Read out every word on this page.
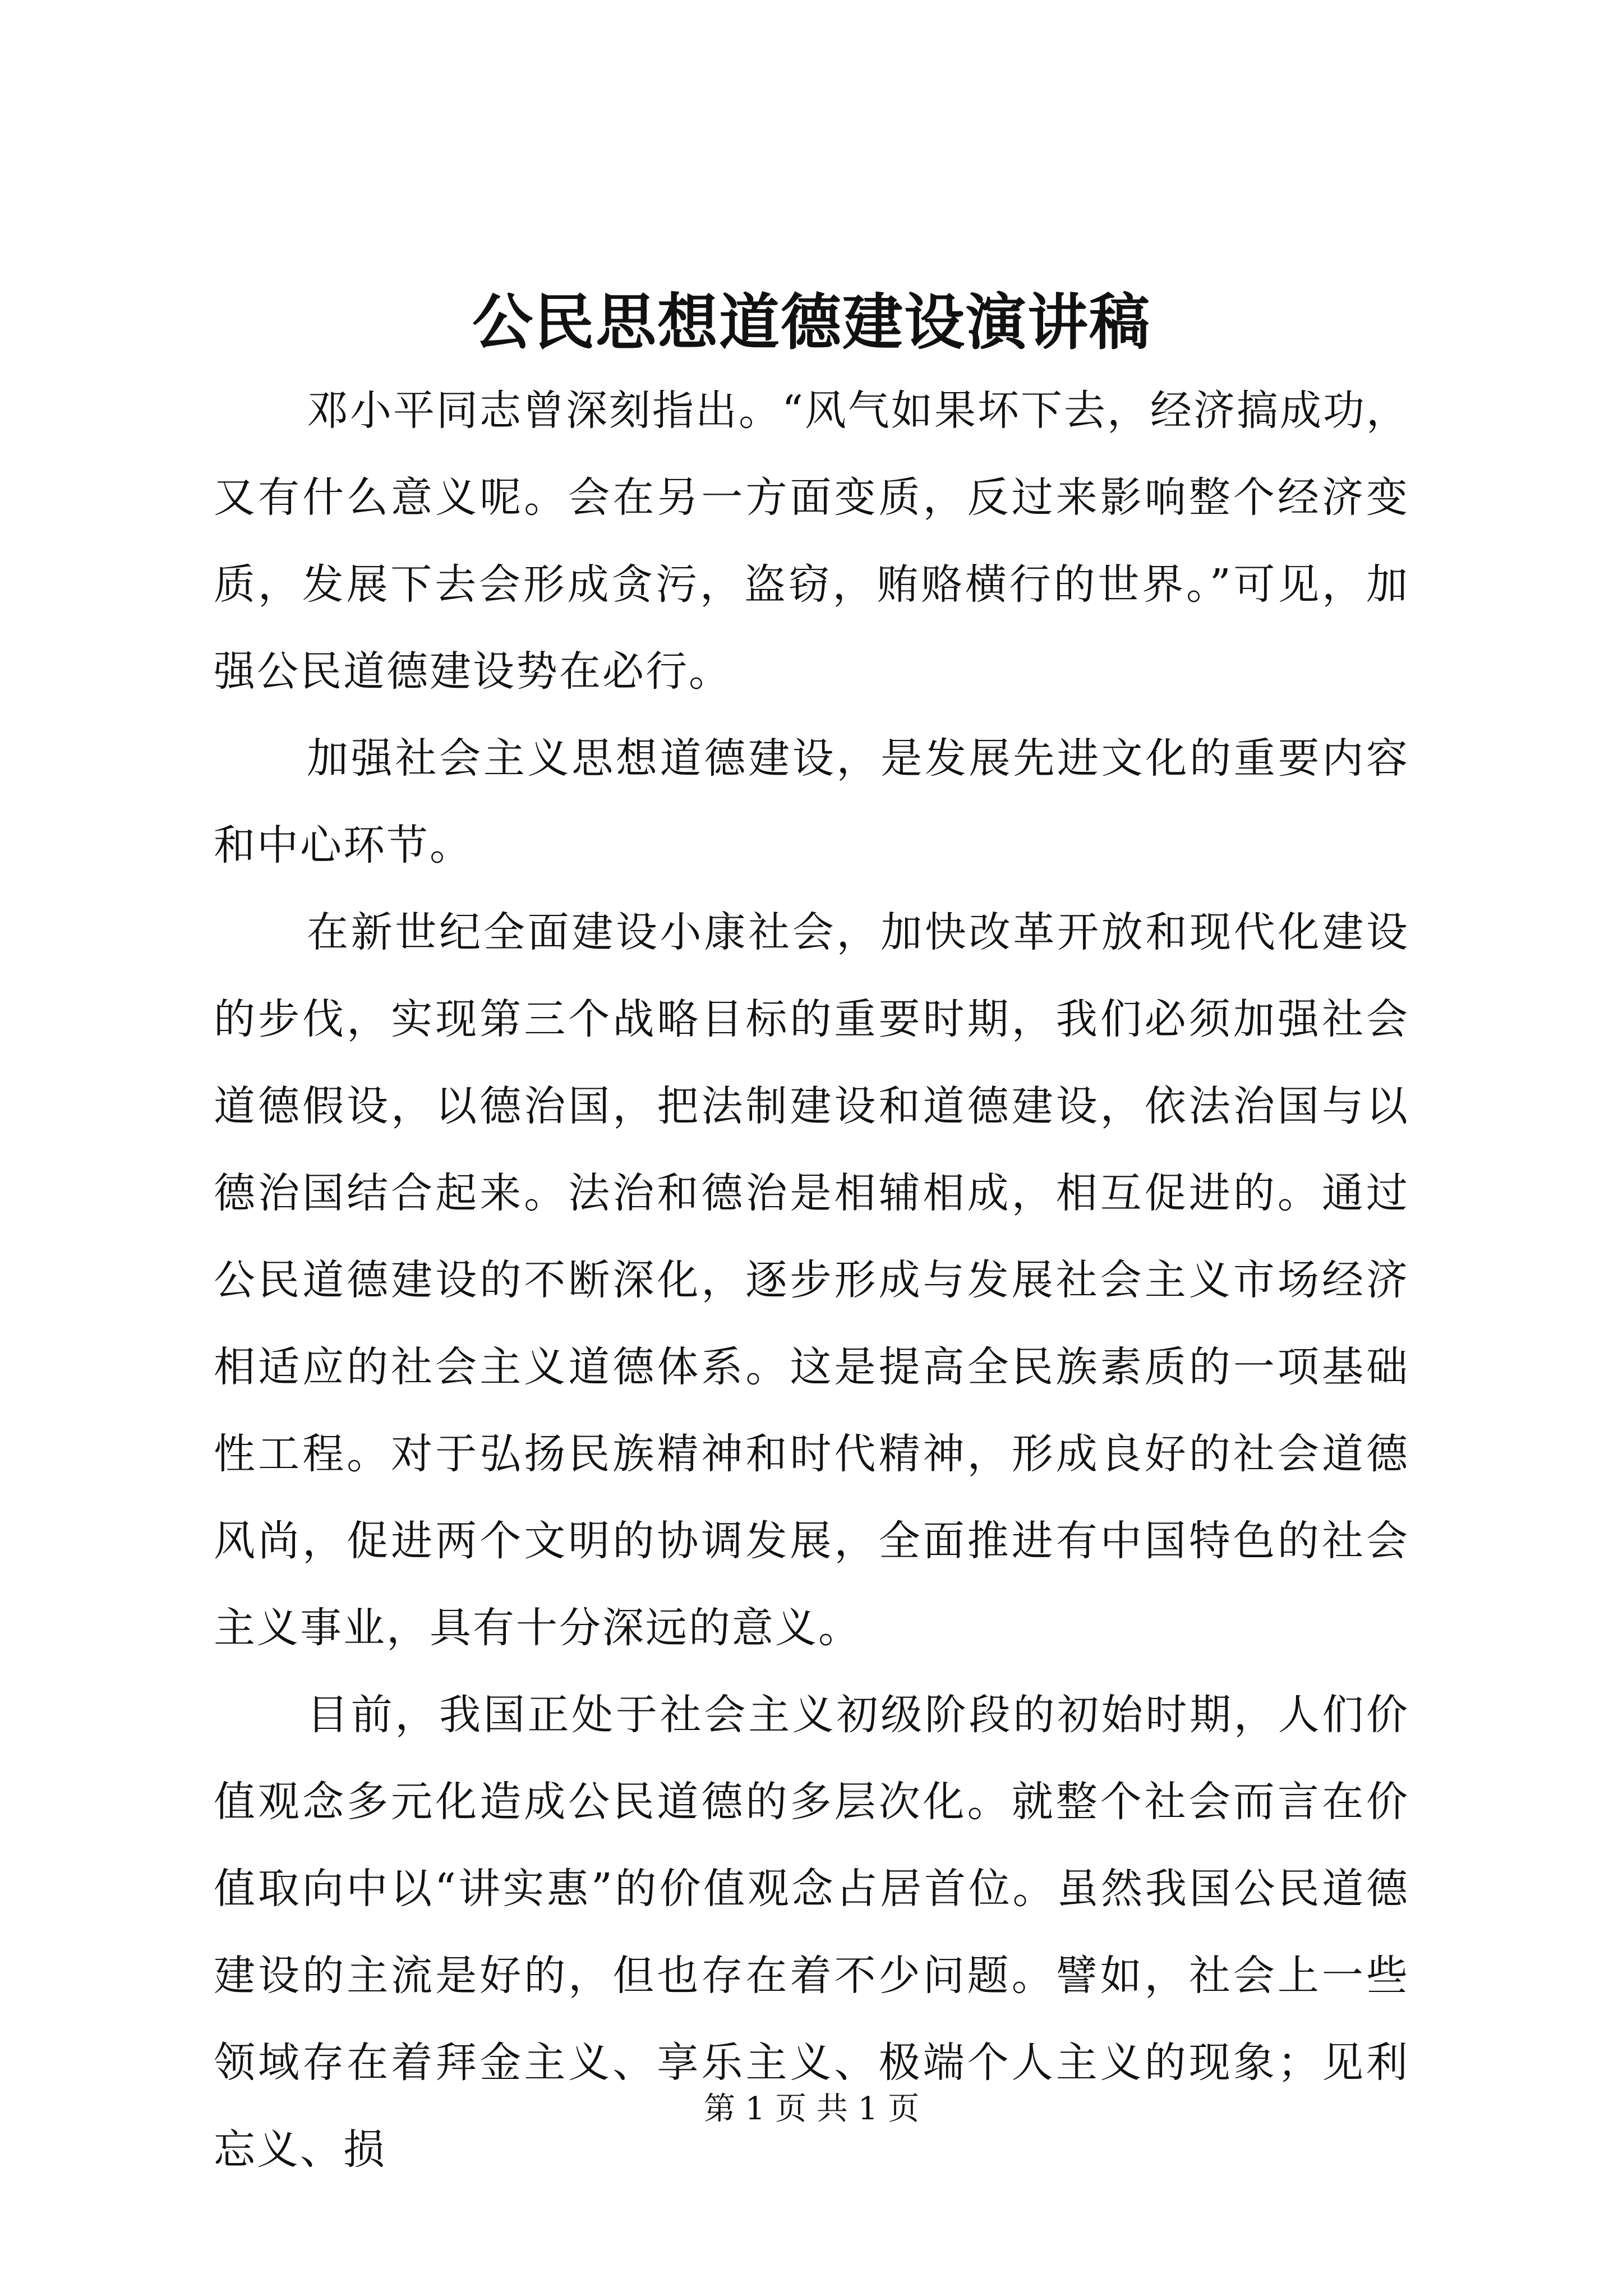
公民思想道德建设演讲稿

邓小平同志曾深刻指出。“风气如果坏下去，经济搞成功，又有什么意义呢。会在另一方面变质，反过来影响整个经济变质，发展下去会形成贪污，盗窃，贿赂横行的世界。”可见，加强公民道德建设势在必行。

加强社会主义思想道德建设，是发展先进文化的重要内容和中心环节。

在新世纪全面建设小康社会，加快改革开放和现代化建设的步伐，实现第三个战略目标的重要时期，我们必须加强社会道德假设，以德治国，把法制建设和道德建设，依法治国与以德治国结合起来。法治和德治是相辅相成，相互促进的。通过公民道德建设的不断深化，逐步形成与发展社会主义市场经济相适应的社会主义道德体系。这是提高全民族素质的一项基础性工程。对于弘扬民族精神和时代精神，形成良好的社会道德风尚，促进两个文明的协调发展，全面推进有中国特色的社会主义事业，具有十分深远的意义。

目前，我国正处于社会主义初级阶段的初始时期，人们价值观念多元化造成公民道德的多层次化。就整个社会而言在价值取向中以“讲实惠”的价值观念占居首位。虽然我国公民道德建设的主流是好的，但也存在着不少问题。譬如，社会上一些领域存在着拜金主义、享乐主义、极端个人主义的现象；见利忘义、损

第 1 页 共 1 页
